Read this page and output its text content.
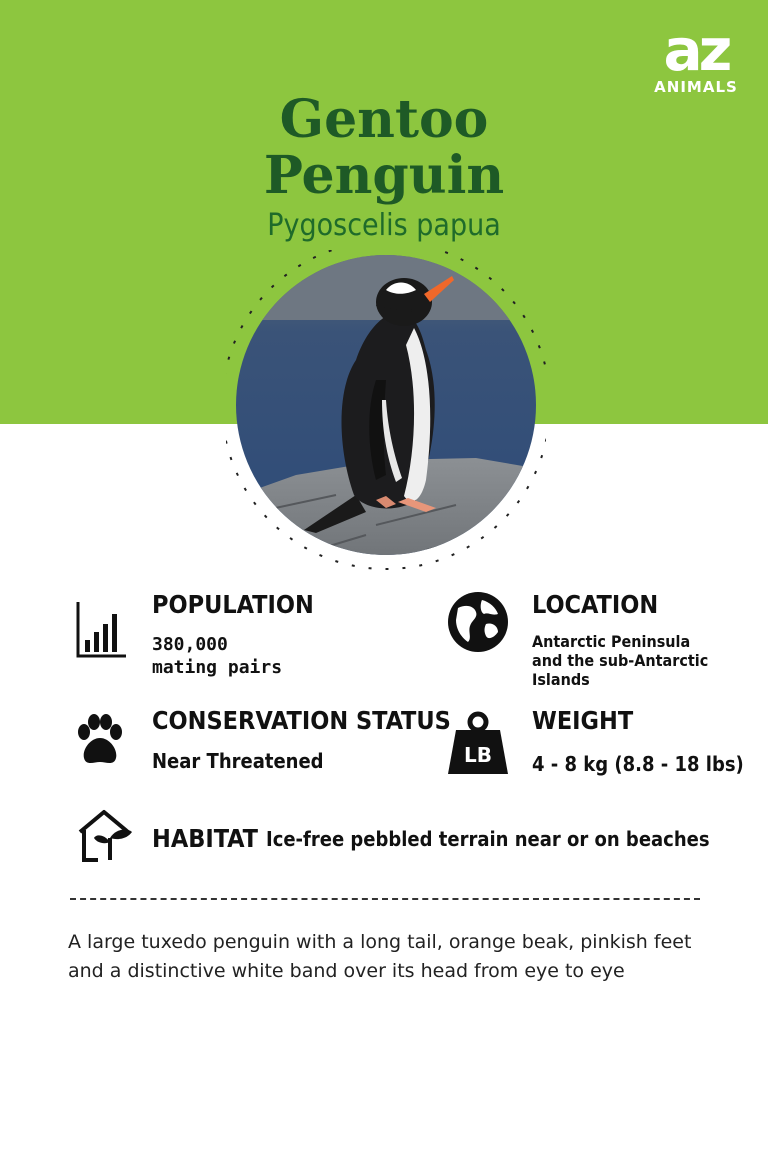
az
ANIMALS
Gentoo
Penguin
Pygoscelis papua
POPULATION
380,000
mating pairs
LOCATION
Antarctic Peninsula
and the sub-Antarctic
Islands
CONSERVATION STATUS
Near Threatened	LB
WEIGHT
4 - 8 kg (8.8 - 18 lbs)
HABITAT Ice-free pebbled terrain near or on beaches
A large tuxedo penguin with a long tail, orange beak, pinkish feet and a distinctive white band over its head from eye to eye
